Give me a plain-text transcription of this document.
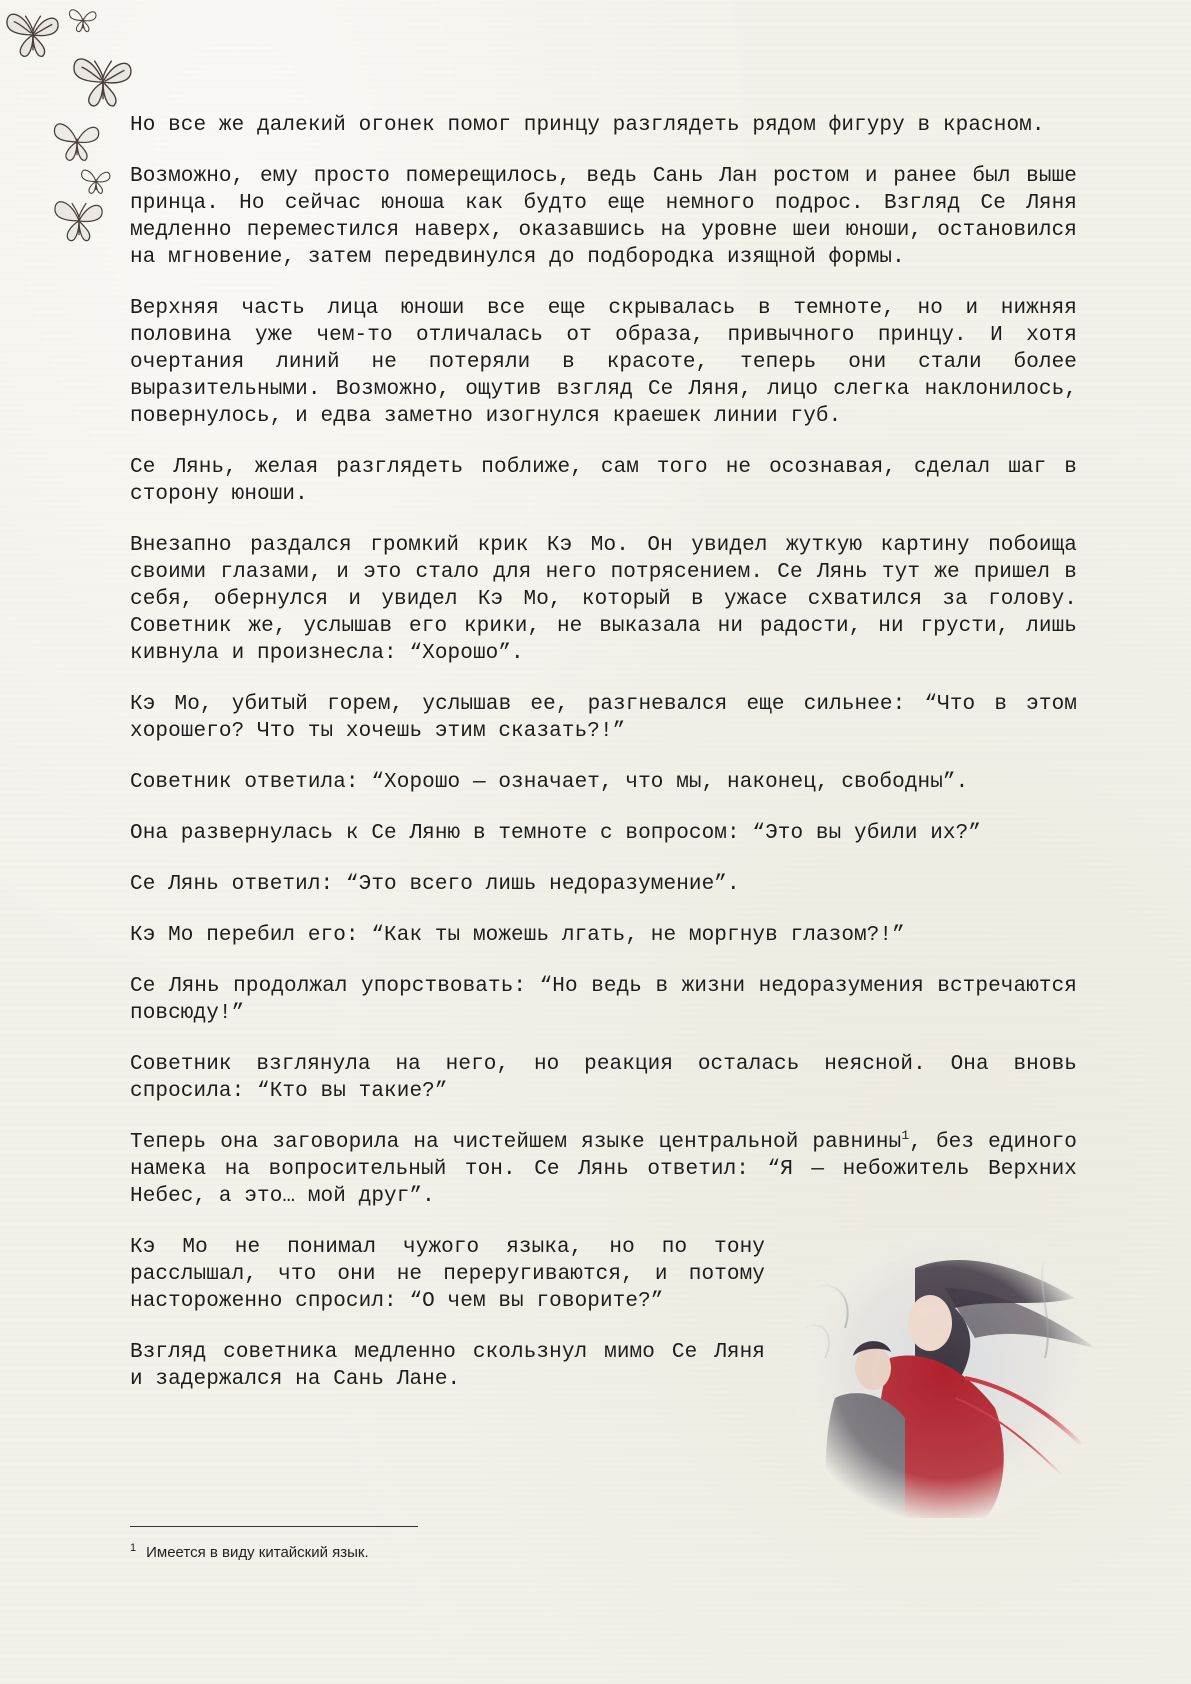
Но все же далекий огонек помог принцу разглядеть рядом фигуру в красном.

Возможно, ему просто померещилось, ведь Сань Лан ростом и ранее был выше принца. Но сейчас юноша как будто еще немного подрос. Взгляд Се Ляня медленно переместился наверх, оказавшись на уровне шеи юноши, остановился на мгновение, затем передвинулся до подбородка изящной формы.

Верхняя часть лица юноши все еще скрывалась в темноте, но и нижняя половина уже чем-то отличалась от образа, привычного принцу. И хотя очертания линий не потеряли в красоте, теперь они стали более выразительными. Возможно, ощутив взгляд Се Ляня, лицо слегка наклонилось, повернулось, и едва заметно изогнулся краешек линии губ.

Се Лянь, желая разглядеть поближе, сам того не осознавая, сделал шаг в сторону юноши.

Внезапно раздался громкий крик Кэ Мо. Он увидел жуткую картину побоища своими глазами, и это стало для него потрясением. Се Лянь тут же пришел в себя, обернулся и увидел Кэ Мо, который в ужасе схватился за голову. Советник же, услышав его крики, не выказала ни радости, ни грусти, лишь кивнула и произнесла: “Хорошо”.

Кэ Мо, убитый горем, услышав ее, разгневался еще сильнее: “Что в этом хорошего? Что ты хочешь этим сказать?!”

Советник ответила: “Хорошо — означает, что мы, наконец, свободны”.

Она развернулась к Се Ляню в темноте с вопросом: “Это вы убили их?”

Се Лянь ответил: “Это всего лишь недоразумение”.

Кэ Мо перебил его: “Как ты можешь лгать, не моргнув глазом?!”

Се Лянь продолжал упорствовать: “Но ведь в жизни недоразумения встречаются повсюду!”

Советник взглянула на него, но реакция осталась неясной. Она вновь спросила: “Кто вы такие?”

Теперь она заговорила на чистейшем языке центральной равнины$^1$, без единого намека на вопросительный тон. Се Лянь ответил: “Я — небожитель Верхних Небес, а это… мой друг”.

Кэ Мо не понимал чужого языка, но по тону расслышал, что они не переругиваются, и потому настороженно спросил: “О чем вы говорите?”

Взгляд советника медленно скользнул мимо Се Ляня и задержался на Сань Лане.

$^1$ Имеется в виду китайский язык.
